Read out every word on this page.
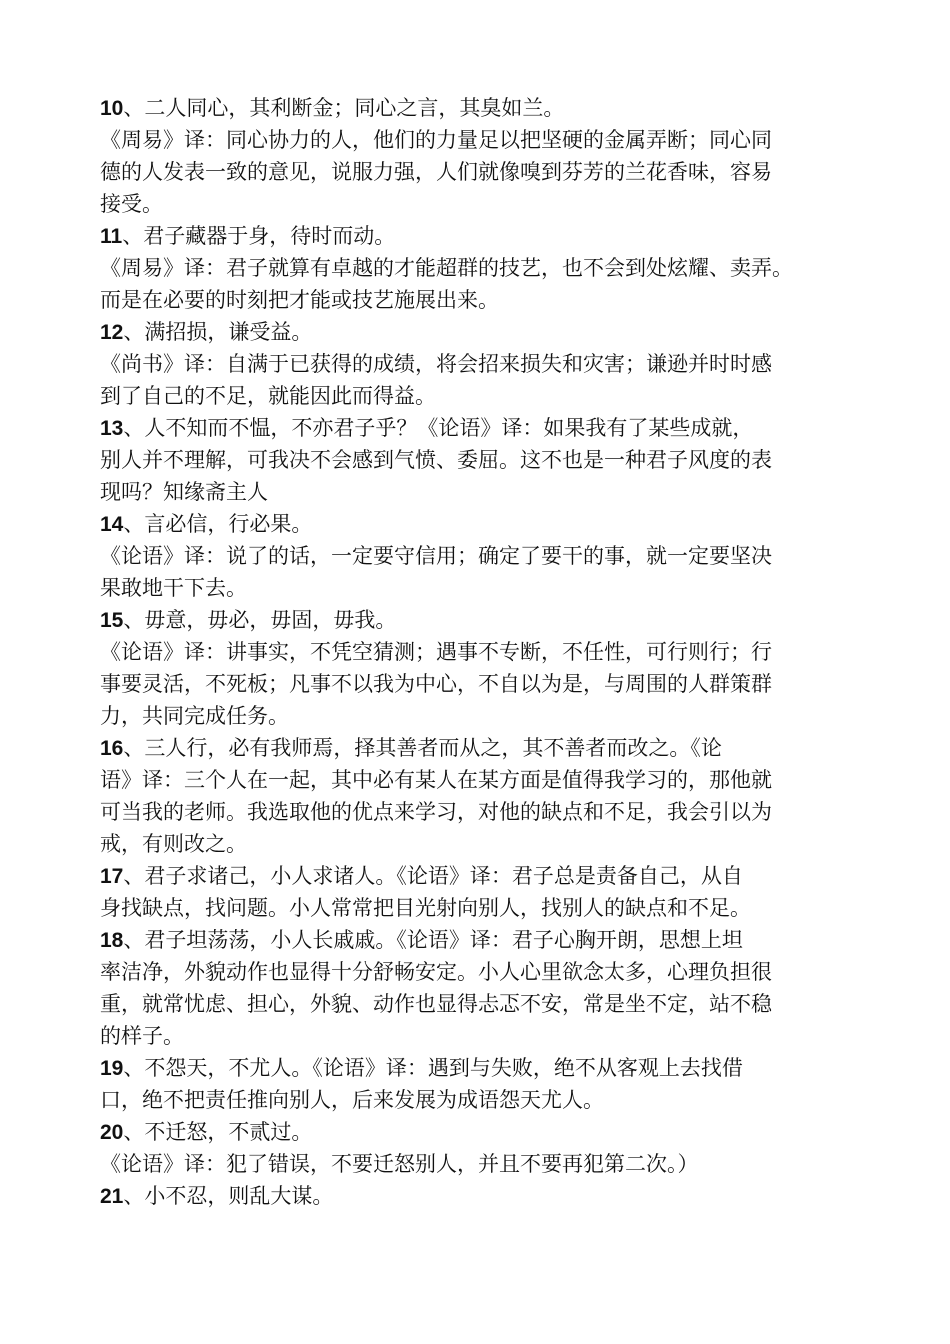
10、二人同心，其利断金；同心之言，其臭如兰。
《周易》译：同心协力的人，他们的力量足以把坚硬的金属弄断；同心同
德的人发表一致的意见，说服力强，人们就像嗅到芬芳的兰花香味，容易
接受。
11、君子藏器于身，待时而动。
《周易》译：君子就算有卓越的才能超群的技艺，也不会到处炫耀、卖弄。
而是在必要的时刻把才能或技艺施展出来。
12、满招损，谦受益。
《尚书》译：自满于已获得的成绩，将会招来损失和灾害；谦逊并时时感
到了自己的不足，就能因此而得益。
13、人不知而不愠，不亦君子乎？《论语》译：如果我有了某些成就，
别人并不理解，可我决不会感到气愤、委屈。这不也是一种君子风度的表
现吗？知缘斋主人
14、言必信，行必果。
《论语》译：说了的话，一定要守信用；确定了要干的事，就一定要坚决
果敢地干下去。
15、毋意，毋必，毋固，毋我。
《论语》译：讲事实，不凭空猜测；遇事不专断，不任性，可行则行；行
事要灵活，不死板；凡事不以我为中心，不自以为是，与周围的人群策群
力，共同完成任务。
16、三人行，必有我师焉，择其善者而从之，其不善者而改之。《论
语》译：三个人在一起，其中必有某人在某方面是值得我学习的，那他就
可当我的老师。我选取他的优点来学习，对他的缺点和不足，我会引以为
戒，有则改之。
17、君子求诸己，小人求诸人。《论语》译：君子总是责备自己，从自
身找缺点，找问题。小人常常把目光射向别人，找别人的缺点和不足。
18、君子坦荡荡，小人长戚戚。《论语》译：君子心胸开朗，思想上坦
率洁净，外貌动作也显得十分舒畅安定。小人心里欲念太多，心理负担很
重，就常忧虑、担心，外貌、动作也显得忐忑不安，常是坐不定，站不稳
的样子。
19、不怨天，不尤人。《论语》译：遇到与失败，绝不从客观上去找借
口，绝不把责任推向别人，后来发展为成语怨天尤人。
20、不迁怒，不贰过。
《论语》译：犯了错误，不要迁怒别人，并且不要再犯第二次。）
21、小不忍，则乱大谋。
